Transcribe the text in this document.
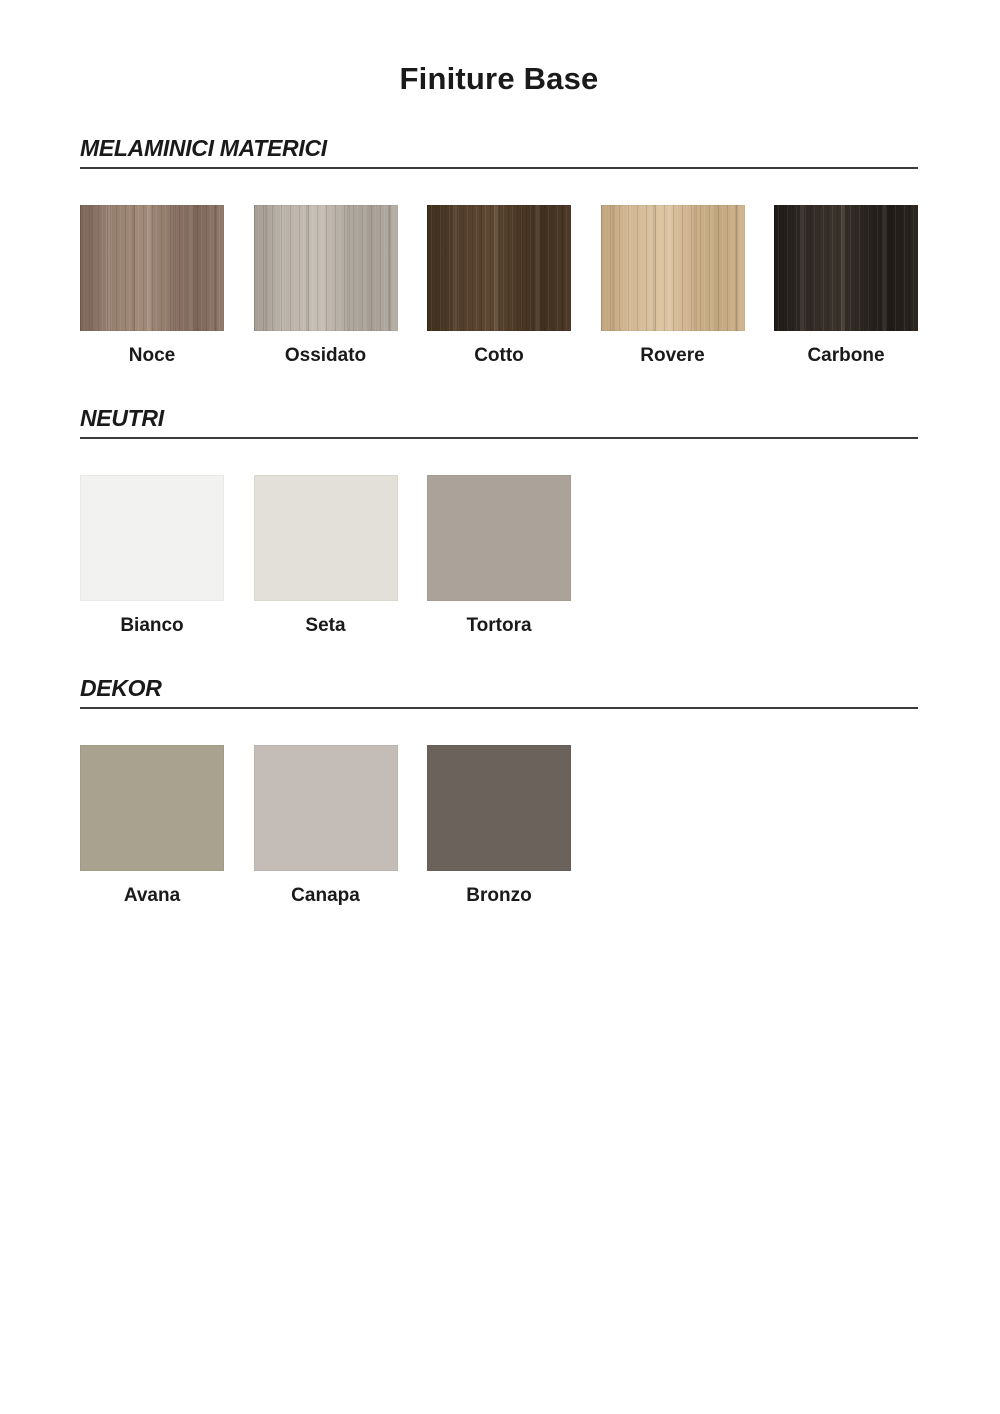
Finiture Base
MELAMINICI MATERICI
Noce	Ossidato	Cotto	Rovere	Carbone
NEUTRI
Bianco	Seta	Tortora
DEKOR
Avana	Canapa	Bronzo
